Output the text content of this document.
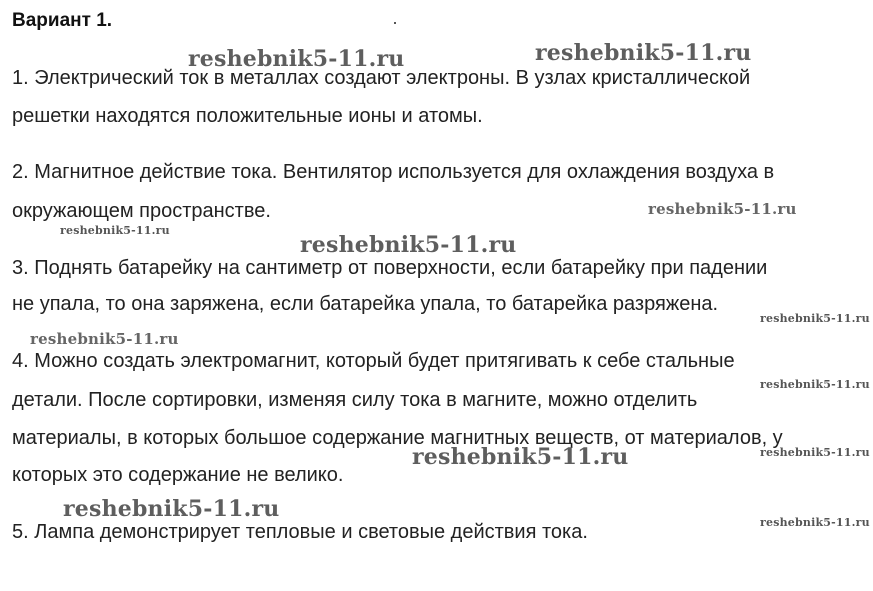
Вариант 1.
1. Электрический ток в металлах создают электроны. В узлах кристаллической
решетки находятся положительные ионы и атомы.
2. Магнитное действие тока. Вентилятор используется для охлаждения воздуха в
окружающем пространстве.
3. Поднять батарейку на сантиметр от поверхности, если батарейку при падении
не упала, то она заряжена, если батарейка упала, то батарейка разряжена.
4. Можно создать электромагнит, который будет притягивать к себе стальные
детали. После сортировки, изменяя силу тока в магните, можно отделить
материалы, в которых большое содержание магнитных веществ, от материалов, у
которых это содержание не велико.
5. Лампа демонстрирует тепловые и световые действия тока.
reshebnik5-11.ru	reshebnik5-11.ru
reshebnik5-11.ru
reshebnik5-11.ru
reshebnik5-11.ru
reshebnik5-11.ru
reshebnik5-11.ru
reshebnik5-11.ru
reshebnik5-11.ru
reshebnik5-11.ru
reshebnik5-11.ru
reshebnik5-11.ru
